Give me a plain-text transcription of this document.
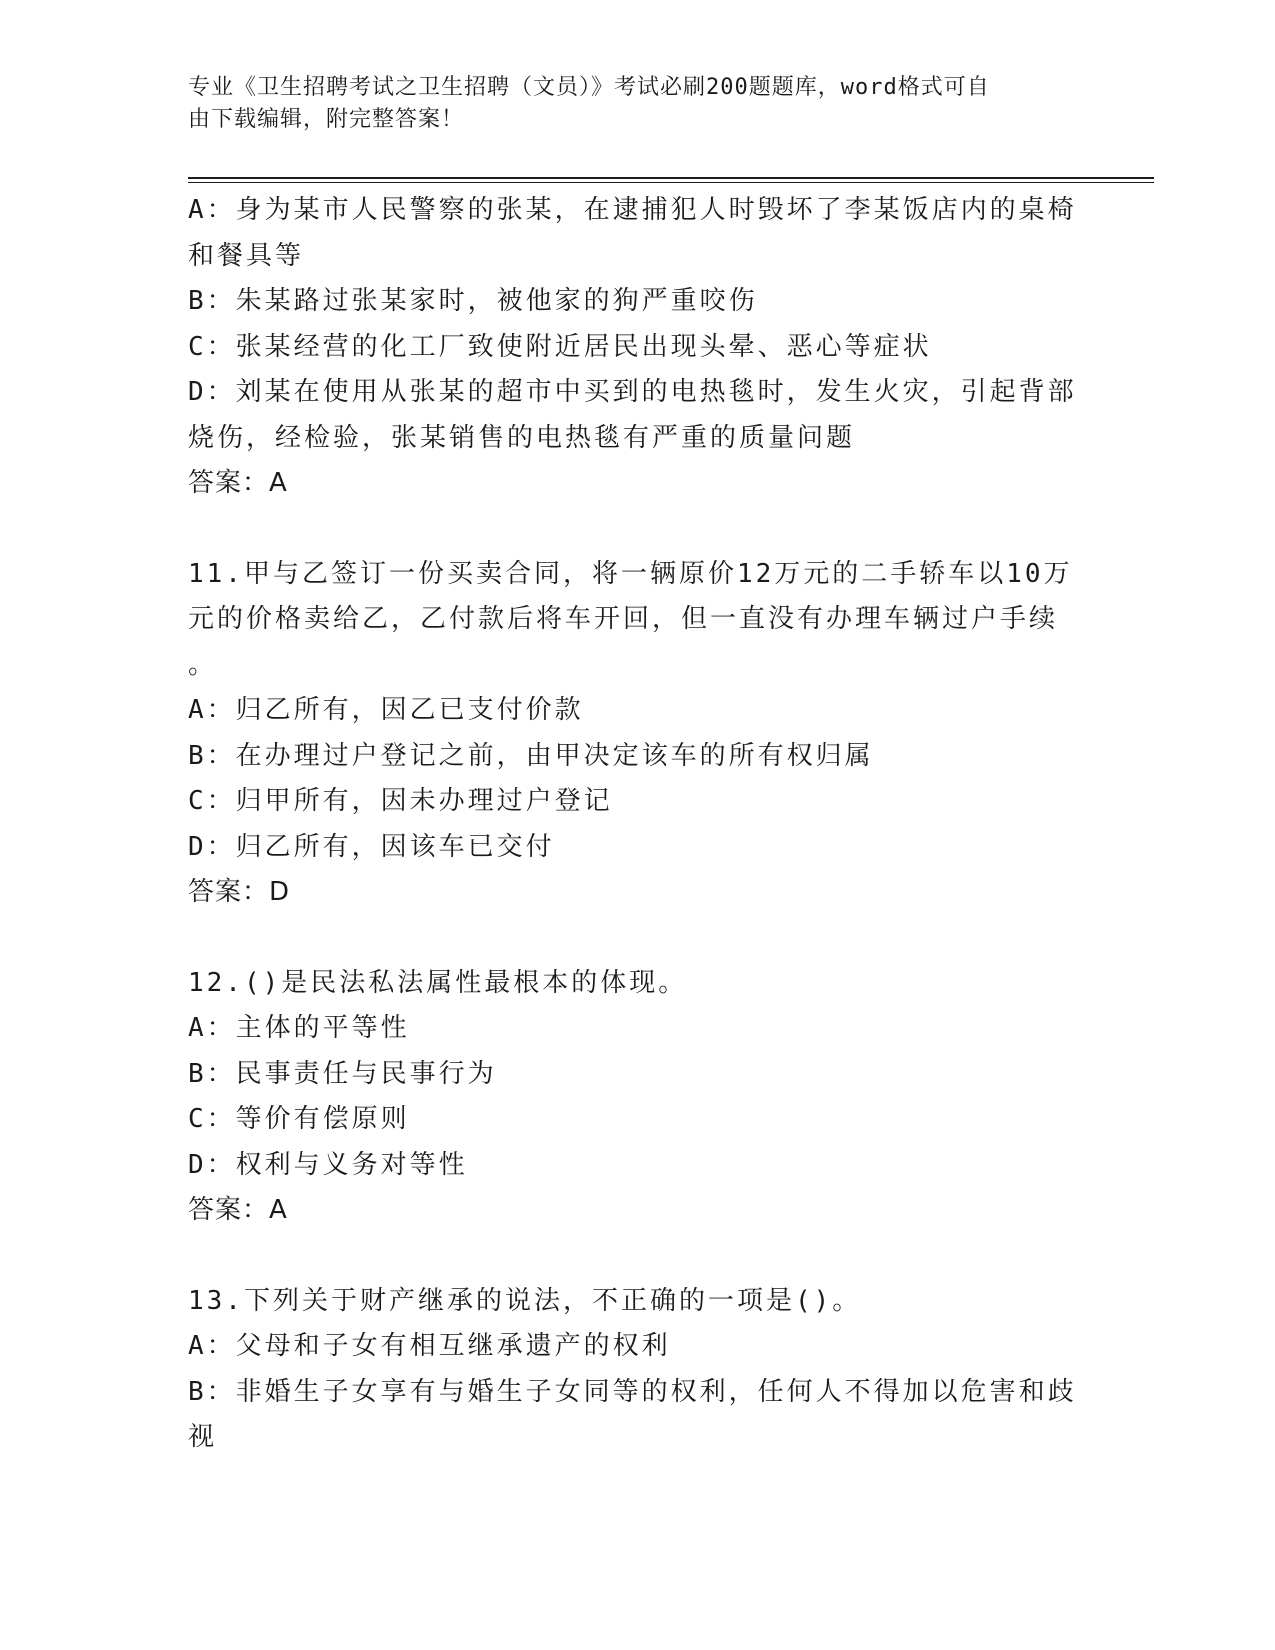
专业《卫生招聘考试之卫生招聘（文员）》考试必刷200题题库，word格式可自
由下载编辑，附完整答案！
A：身为某市人民警察的张某，在逮捕犯人时毁坏了李某饭店内的桌椅
和餐具等
B：朱某路过张某家时，被他家的狗严重咬伤
C：张某经营的化工厂致使附近居民出现头晕、恶心等症状
D：刘某在使用从张某的超市中买到的电热毯时，发生火灾，引起背部
烧伤，经检验，张某销售的电热毯有严重的质量问题
答案：A
11.甲与乙签订一份买卖合同，将一辆原价12万元的二手轿车以10万
元的价格卖给乙，乙付款后将车开回，但一直没有办理车辆过户手续
。
A：归乙所有，因乙已支付价款
B：在办理过户登记之前，由甲决定该车的所有权归属
C：归甲所有，因未办理过户登记
D：归乙所有，因该车已交付
答案：D
12.()是民法私法属性最根本的体现。
A：主体的平等性
B：民事责任与民事行为
C：等价有偿原则
D：权利与义务对等性
答案：A
13.下列关于财产继承的说法，不正确的一项是()。
A：父母和子女有相互继承遗产的权利
B：非婚生子女享有与婚生子女同等的权利，任何人不得加以危害和歧
视
